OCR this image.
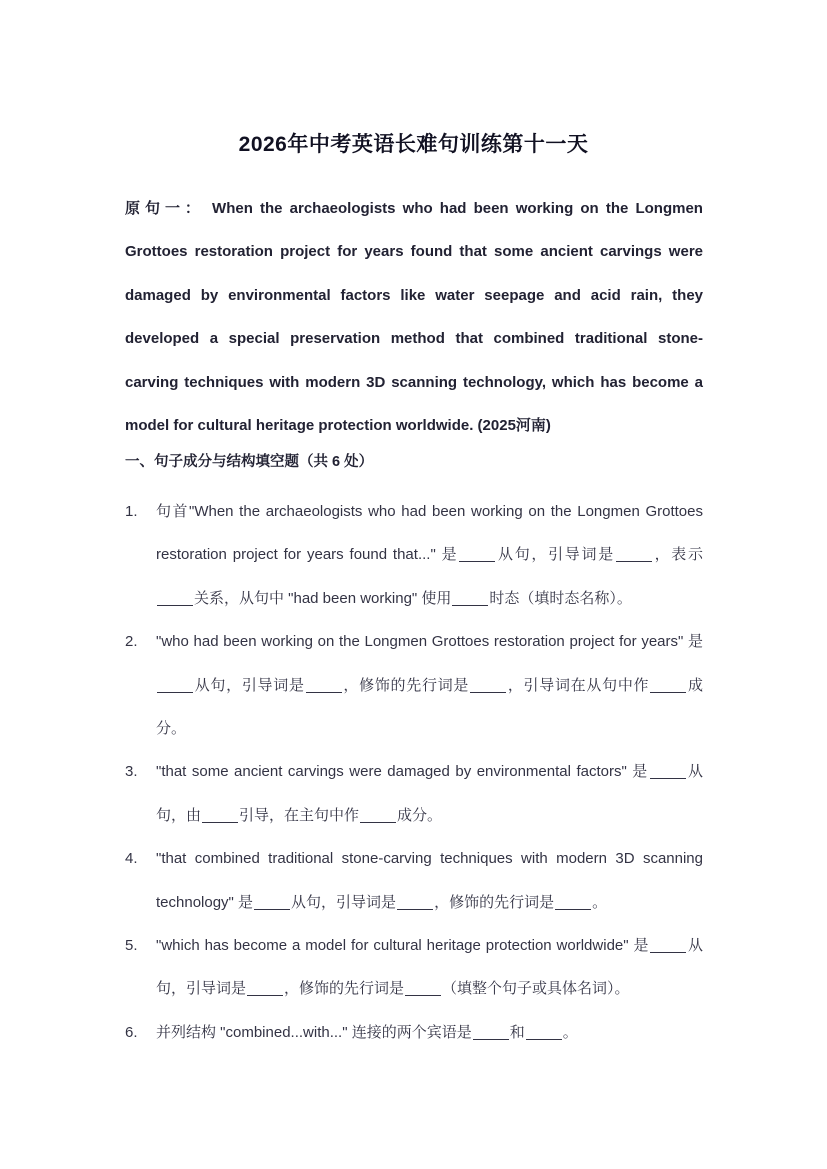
2026年中考英语长难句训练第十一天
原句一： When the archaeologists who had been working on the Longmen Grottoes restoration project for years found that some ancient carvings were damaged by environmental factors like water seepage and acid rain, they developed a special preservation method that combined traditional stone-carving techniques with modern 3D scanning technology, which has become a model for cultural heritage protection worldwide. (2025河南)
一、句子成分与结构填空题（共 6 处）
1. 句首"When the archaeologists who had been working on the Longmen Grottoes restoration project for years found that..." 是	从句，引导词是	，表示关系，从句中 "had been working" 使用	时态（填时态名称）。
2. "who had been working on the Longmen Grottoes restoration project for years" 是从句，引导词是	，修饰的先行词是	，引导词在从句中作	成分。
3. "that some ancient carvings were damaged by environmental factors" 是	从句，由	引导，在主句中作	成分。
4. "that combined traditional stone-carving techniques with modern 3D scanning technology" 是	从句，引导词是	，修饰的先行词是	。
5. "which has become a model for cultural heritage protection worldwide" 是	从句，引导词是	，修饰的先行词是	（填整个句子或具体名词）。
6. 并列结构 "combined...with..." 连接的两个宾语是	和	。
